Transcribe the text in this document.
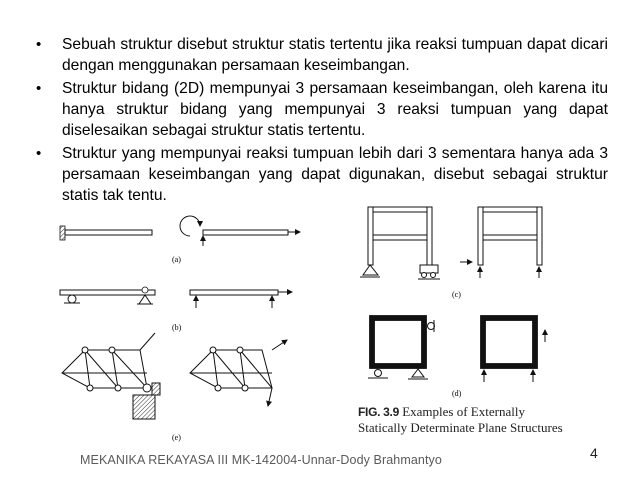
• Sebuah struktur disebut struktur statis tertentu jika reaksi tumpuan dapat dicari dengan menggunakan persamaan keseimbangan.
• Struktur bidang (2D) mempunyai 3 persamaan keseimbangan, oleh karena itu hanya struktur bidang yang mempunyai 3 reaksi tumpuan yang dapat diselesaikan sebagai struktur statis tertentu.
• Struktur yang mempunyai reaksi tumpuan lebih dari 3 sementara hanya ada 3 persamaan keseimbangan yang dapat digunakan, disebut sebagai struktur statis tak tentu.
(a)
(b)
(e)
(c)
(d)
FIG. 3.9 Examples of Externally
Statically Determinate Plane Structures
MEKANIKA REKAYASA III MK-142004-Unnar-Dody Brahmantyo	4
